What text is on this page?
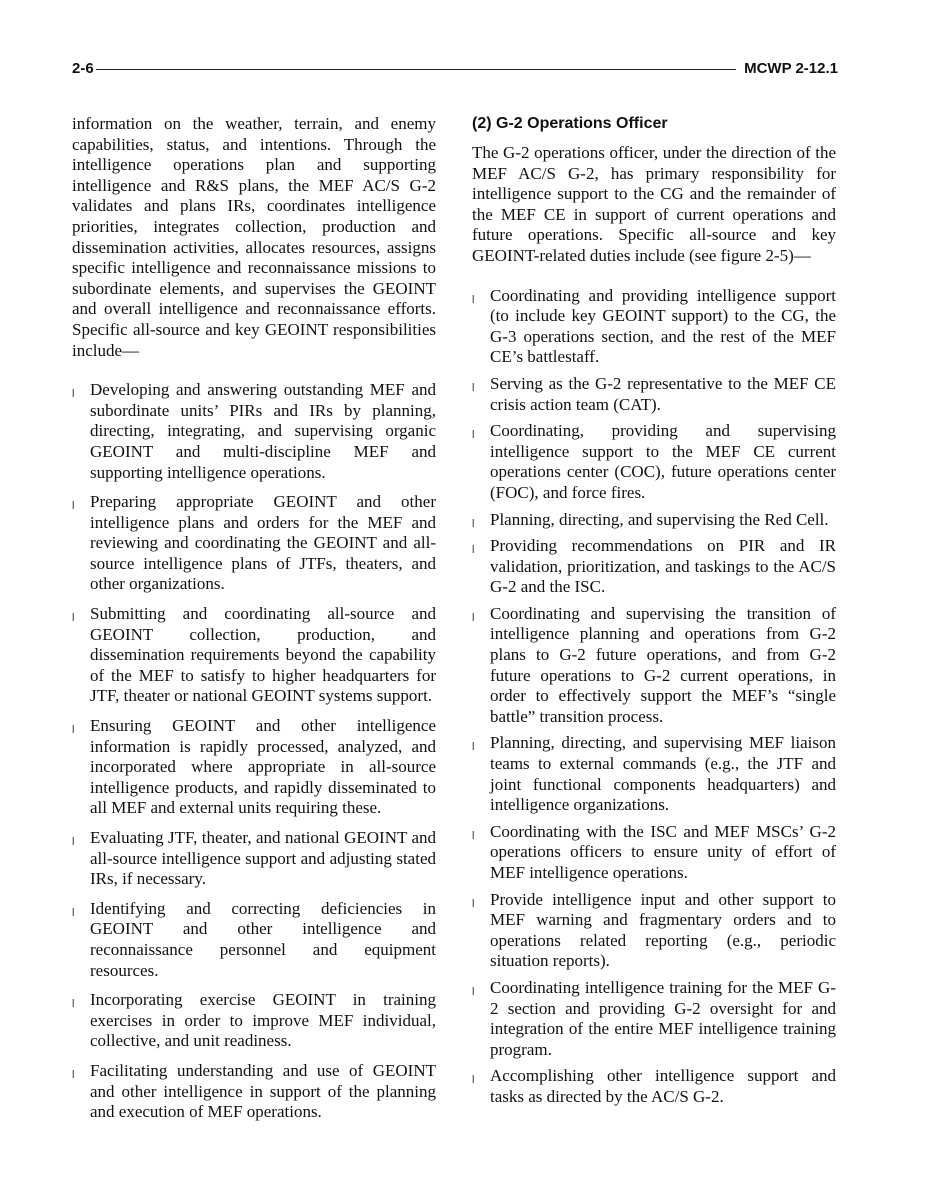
2-6	MCWP 2-12.1

information on the weather, terrain, and enemy capabilities, status, and intentions. Through the intelligence operations plan and supporting intelligence and R&S plans, the MEF AC/S G-2 validates and plans IRs, coordinates intelligence priorities, integrates collection, production and dissemination activities, allocates resources, assigns specific intelligence and reconnaissance missions to subordinate elements, and supervises the GEOINT and overall intelligence and reconnaissance efforts. Specific all-source and key GEOINT responsibilities include—

l Developing and answering outstanding MEF and subordinate units’ PIRs and IRs by planning, directing, integrating, and supervising organic GEOINT and multi-discipline MEF and supporting intelligence operations.
l Preparing appropriate GEOINT and other intelligence plans and orders for the MEF and reviewing and coordinating the GEOINT and all-source intelligence plans of JTFs, theaters, and other organizations.
l Submitting and coordinating all-source and GEOINT collection, production, and dissemination requirements beyond the capability of the MEF to satisfy to higher headquarters for JTF, theater or national GEOINT systems support.
l Ensuring GEOINT and other intelligence information is rapidly processed, analyzed, and incorporated where appropriate in all-source intelligence products, and rapidly disseminated to all MEF and external units requiring these.
l Evaluating JTF, theater, and national GEOINT and all-source intelligence support and adjusting stated IRs, if necessary.
l Identifying and correcting deficiencies in GEOINT and other intelligence and reconnaissance personnel and equipment resources.
l Incorporating exercise GEOINT in training exercises in order to improve MEF individual, collective, and unit readiness.
l Facilitating understanding and use of GEOINT and other intelligence in support of the planning and execution of MEF operations.
(2) G-2 Operations Officer

The G-2 operations officer, under the direction of the MEF AC/S G-2, has primary responsibility for intelligence support to the CG and the remainder of the MEF CE in support of current operations and future operations. Specific all-source and key GEOINT-related duties include (see figure 2-5)—

l Coordinating and providing intelligence support (to include key GEOINT support) to the CG, the G-3 operations section, and the rest of the MEF CE’s battlestaff.
l Serving as the G-2 representative to the MEF CE crisis action team (CAT).
l Coordinating, providing and supervising intelligence support to the MEF CE current operations center (COC), future operations center (FOC), and force fires.
l Planning, directing, and supervising the Red Cell.
l Providing recommendations on PIR and IR validation, prioritization, and taskings to the AC/S G-2 and the ISC.
l Coordinating and supervising the transition of intelligence planning and operations from G-2 plans to G-2 future operations, and from G-2 future operations to G-2 current operations, in order to effectively support the MEF’s “single battle” transition process.
l Planning, directing, and supervising MEF liaison teams to external commands (e.g., the JTF and joint functional components headquarters) and intelligence organizations.
l Coordinating with the ISC and MEF MSCs’ G-2 operations officers to ensure unity of effort of MEF intelligence operations.
l Provide intelligence input and other support to MEF warning and fragmentary orders and to operations related reporting (e.g., periodic situation reports).
l Coordinating intelligence training for the MEF G-2 section and providing G-2 oversight for and integration of the entire MEF intelligence training program.
l Accomplishing other intelligence support and tasks as directed by the AC/S G-2.
